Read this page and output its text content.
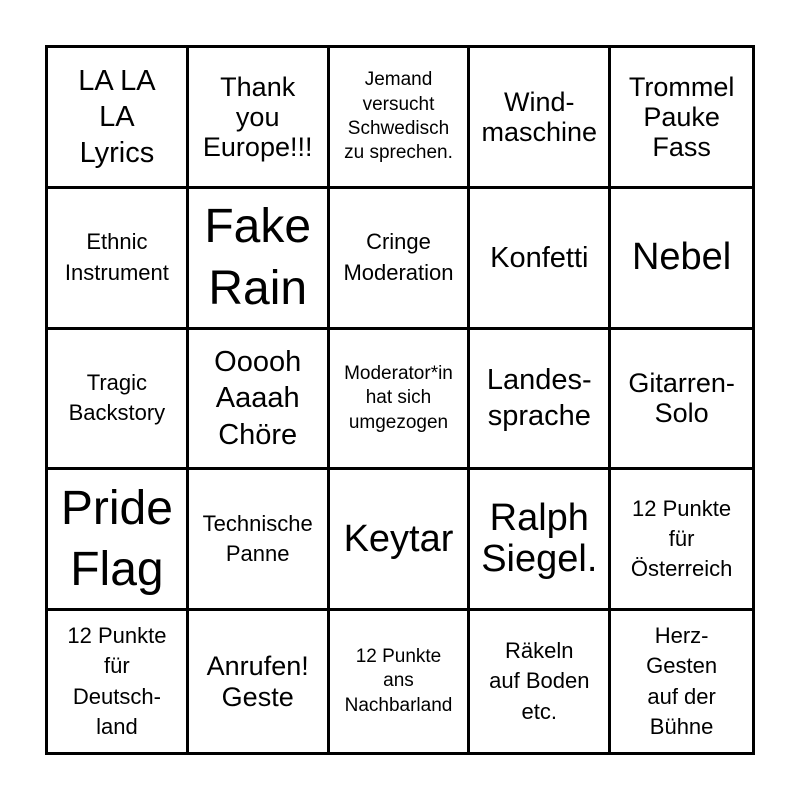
LA LA
LA
Lyrics
Thank
you
Europe!!!
Jemand
versucht
Schwedisch
zu sprechen.
Wind-
maschine
Trommel
Pauke
Fass
Ethnic
Instrument
Fake
Rain
Cringe
Moderation Konfetti Nebel
Tragic
Backstory
Ooooh
Aaaah
Chöre
Moderator*in
hat sich
umgezogen
Landes-
sprache
Gitarren-
Solo
Pride
Flag
Technische
Panne	Keytar Ralph
Siegel.
12 Punkte
für
Österreich
12 Punkte
für
Deutsch-
land
Anrufen!
Geste
12 Punkte
ans
Nachbarland
Räkeln
auf Boden
etc.
Herz-
Gesten
auf der
Bühne
